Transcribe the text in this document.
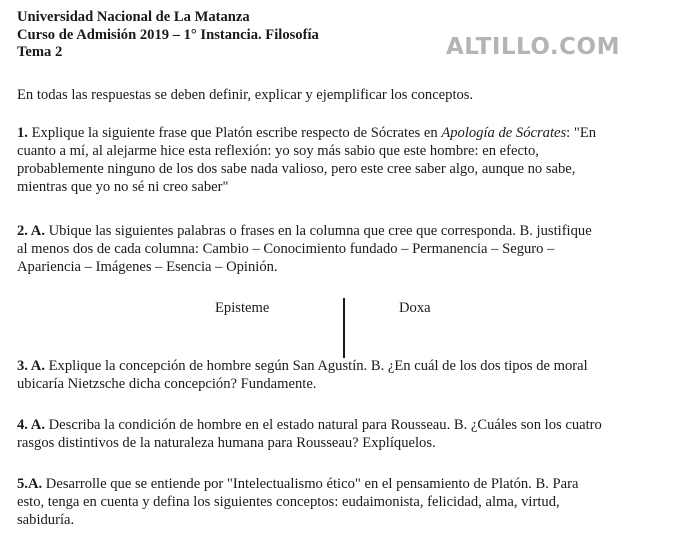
Universidad Nacional de La Matanza
Curso de Admisión 2019 – 1° Instancia. Filosofía
Tema 2	ALTILLO.COM
En todas las respuestas se deben definir, explicar y ejemplificar los conceptos.
1. Explique la siguiente frase que Platón escribe respecto de Sócrates en Apología de Sócrates: "En
cuanto a mí, al alejarme hice esta reflexión: yo soy más sabio que este hombre: en efecto,
probablemente ninguno de los dos sabe nada valioso, pero este cree saber algo, aunque no sabe,
mientras que yo no sé ni creo saber"
2. A. Ubique las siguientes palabras o frases en la columna que cree que corresponda. B. justifique
al menos dos de cada columna: Cambio – Conocimiento fundado – Permanencia – Seguro –
Apariencia – Imágenes – Esencia – Opinión.
Episteme	Doxa
3. A. Explique la concepción de hombre según San Agustín. B. ¿En cuál de los dos tipos de moral
ubicaría Nietzsche dicha concepción? Fundamente.
4. A. Describa la condición de hombre en el estado natural para Rousseau. B. ¿Cuáles son los cuatro
rasgos distintivos de la naturaleza humana para Rousseau? Explíquelos.
5.A. Desarrolle que se entiende por "Intelectualismo ético" en el pensamiento de Platón. B. Para
esto, tenga en cuenta y defina los siguientes conceptos: eudaimonista, felicidad, alma, virtud,
sabiduría.
